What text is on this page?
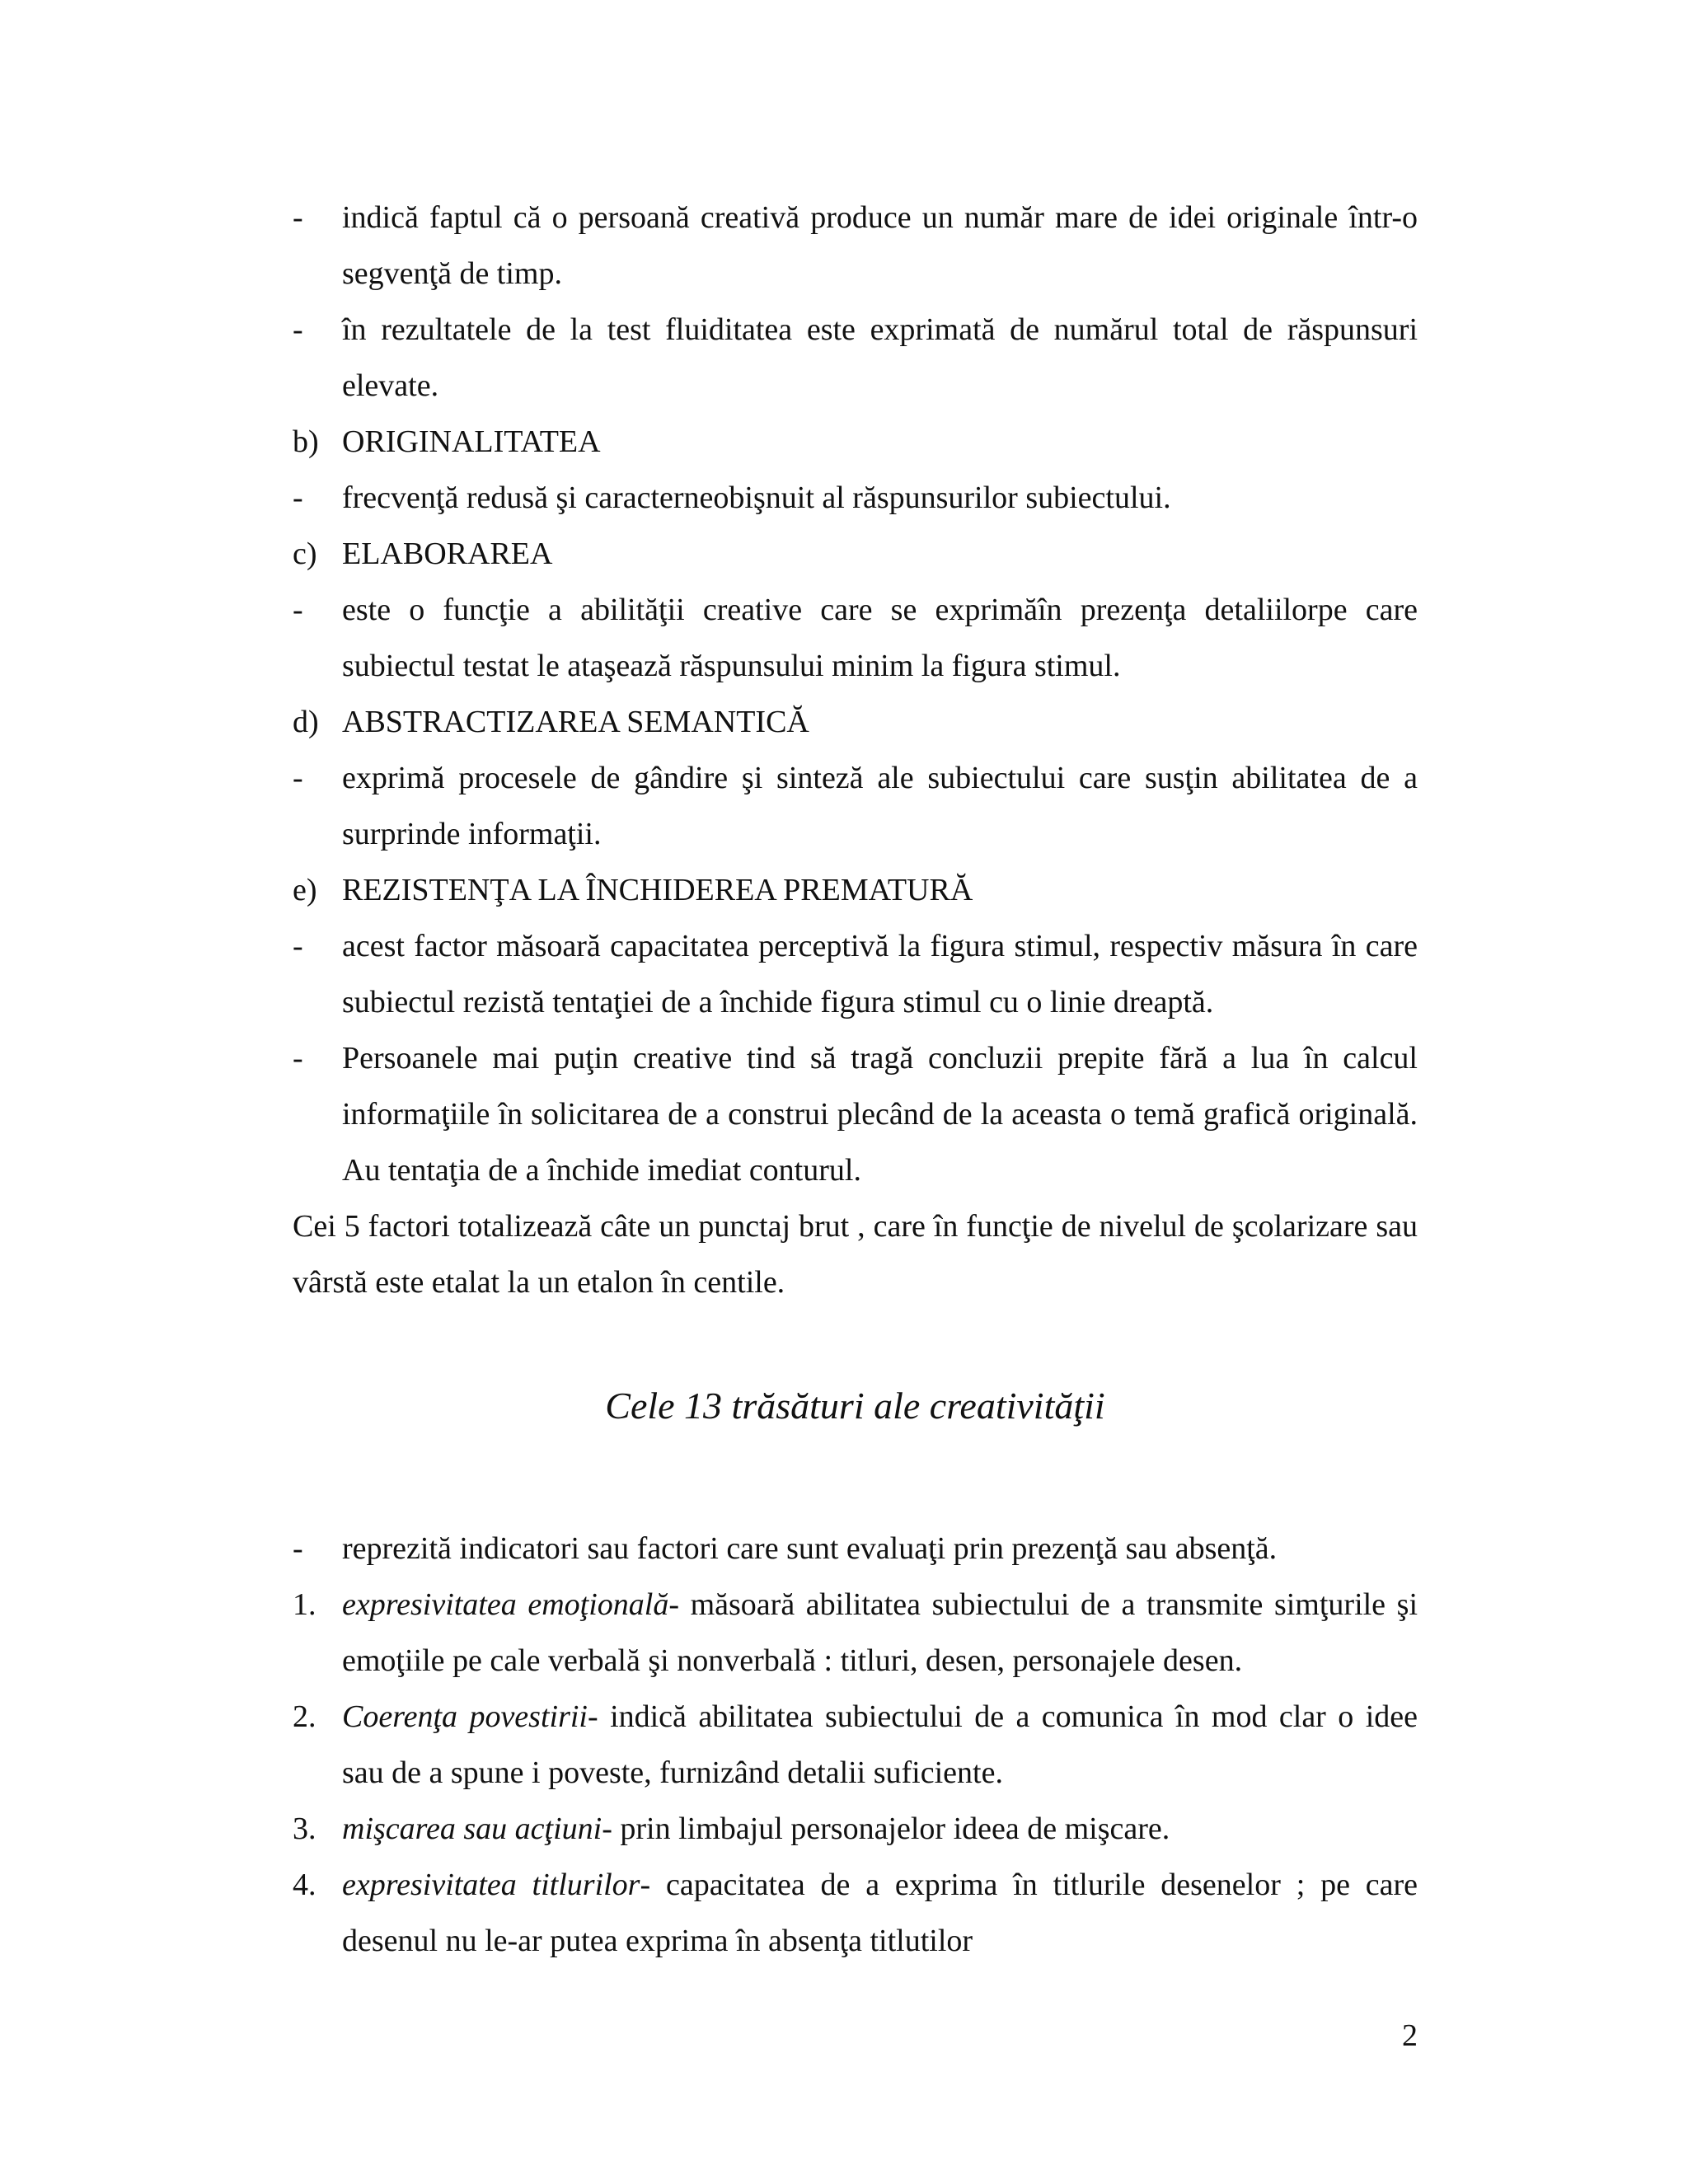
-	indică faptul că o persoană creativă produce un număr mare de idei originale într-o segvenţă de timp.
-	în rezultatele de la test fluiditatea este exprimată de numărul total de răspunsuri elevate.
b) ORIGINALITATEA
-	frecvenţă redusă şi caracterneobişnuit al răspunsurilor subiectului.
c) ELABORAREA
-	este o funcţie a abilităţii creative care se exprimăîn prezenţa detaliilorpe care subiectul testat le ataşează răspunsului minim la figura stimul.
d) ABSTRACTIZAREA SEMANTICĂ
-	exprimă procesele de gândire şi sinteză ale subiectului care susţin abilitatea de a surprinde informaţii.
e) REZISTENŢA LA ÎNCHIDEREA PREMATURĂ
-	acest factor măsoară capacitatea perceptivă la figura stimul, respectiv măsura în care subiectul rezistă tentaţiei de a închide figura stimul cu o linie dreaptă.
-	Persoanele mai puţin creative tind să tragă concluzii prepite fără a lua în calcul informaţiile în solicitarea de a construi plecând de la aceasta o temă grafică originală. Au tentaţia de a închide imediat conturul.

Cei 5 factori totalizează câte un punctaj brut , care în funcţie de nivelul de şcolarizare sau vârstă este etalat la un etalon în centile.

Cele 13 trăsături ale creativităţii
-	reprezită indicatori sau factori care sunt evaluaţi prin prezenţă sau absenţă.
1. expresivitatea emoţională- măsoară abilitatea subiectului de a transmite simţurile şi emoţiile pe cale verbală şi nonverbală : titluri, desen, personajele desen.
2. Coerenţa povestirii- indică abilitatea subiectului de a comunica în mod clar o idee sau de a spune i poveste, furnizând detalii suficiente.
3. mişcarea sau acţiuni- prin limbajul personajelor ideea de mişcare.
4. expresivitatea titlurilor- capacitatea de a exprima în titlurile desenelor ; pe care desenul nu le-ar putea exprima în absenţa titlutilor
2
